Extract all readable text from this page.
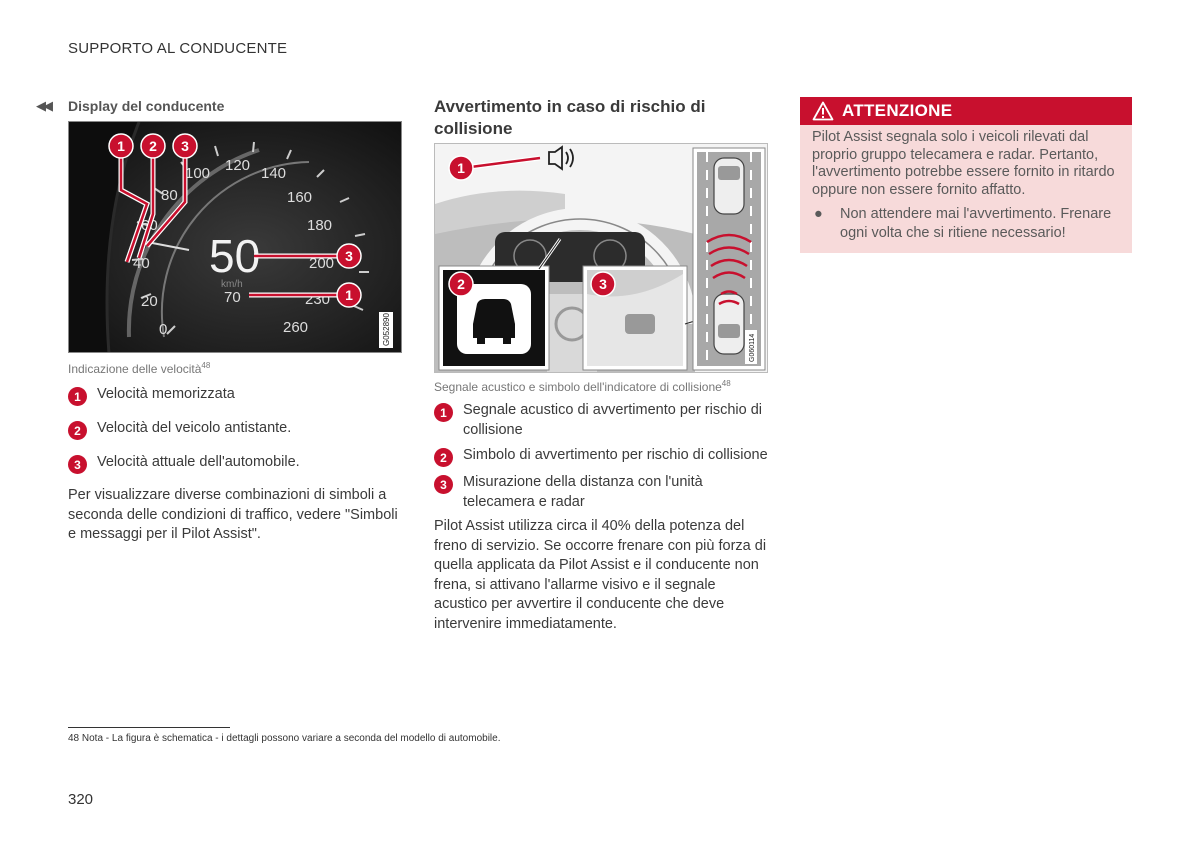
SUPPORTO AL CONDUCENTE
◀◀ Display del conducente
0
20
40
60
80
100 120 140
160
180
200
230
260
50
km/h
70
1 2 3
3
1
G052890
Indicazione delle velocità$^{48}$
1	Velocità memorizzata
2	Velocità del veicolo antistante.
3	Velocità attuale dell'automobile.
Per visualizzare diverse combinazioni di simboli a seconda delle condizioni di traffico, vedere "Simboli e messaggi per il Pilot Assist".
Avvertimento in caso di rischio di collisione
G060114
1
2	3
Segnale acustico e simbolo dell'indicatore di collisione$^{48}$
1	Segnale acustico di avvertimento per rischio di collisione
2	Simbolo di avvertimento per rischio di collisione
3	Misurazione della distanza con l'unità telecamera e radar
Pilot Assist utilizza circa il 40% della potenza del freno di servizio. Se occorre frenare con più forza di quella applicata da Pilot Assist e il conducente non frena, si attivano l'allarme visivo e il segnale acustico per avvertire il conducente che deve intervenire immediatamente.
ATTENZIONE
Pilot Assist segnala solo i veicoli rilevati dal proprio gruppo telecamera e radar. Pertanto, l'avvertimento potrebbe essere fornito in ritardo oppure non essere fornito affatto.
●	Non attendere mai l'avvertimento. Frenare ogni volta che si ritiene necessario!
48 Nota - La figura è schematica - i dettagli possono variare a seconda del modello di automobile.
320
